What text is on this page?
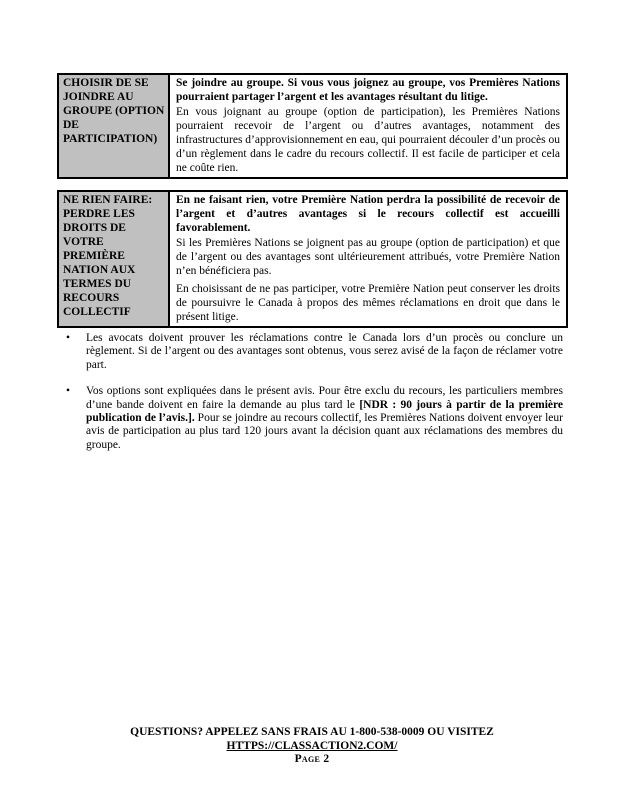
CHOISIR DE SE JOINDRE AU GROUPE (OPTION DE PARTICIPATION)

Se joindre au groupe. Si vous vous joignez au groupe, vos Premières Nations pourraient partager l’argent et les avantages résultant du litige.

En vous joignant au groupe (option de participation), les Premières Nations pourraient recevoir de l’argent ou d’autres avantages, notamment des infrastructures d’approvisionnement en eau, qui pourraient découler d’un procès ou d’un règlement dans le cadre du recours collectif. Il est facile de participer et cela ne coûte rien.

NE RIEN FAIRE: PERDRE LES DROITS DE VOTRE PREMIÈRE NATION AUX TERMES DU RECOURS COLLECTIF

En ne faisant rien, votre Première Nation perdra la possibilité de recevoir de l’argent et d’autres avantages si le recours collectif est accueilli favorablement.

Si les Premières Nations se joignent pas au groupe (option de participation) et que de l’argent ou des avantages sont ultérieurement attribués, votre Première Nation n’en bénéficiera pas.

En choisissant de ne pas participer, votre Première Nation peut conserver les droits de poursuivre le Canada à propos des mêmes réclamations en droit que dans le présent litige.

•	Les avocats doivent prouver les réclamations contre le Canada lors d’un procès ou conclure un règlement. Si de l’argent ou des avantages sont obtenus, vous serez avisé de la façon de réclamer votre part.
•	Vos options sont expliquées dans le présent avis. Pour être exclu du recours, les particuliers membres d’une bande doivent en faire la demande au plus tard le [NDR : 90 jours à partir de la première publication de l’avis.]. Pour se joindre au recours collectif, les Premières Nations doivent envoyer leur avis de participation au plus tard 120 jours avant la décision quant aux réclamations des membres du groupe.
QUESTIONS? APPELEZ SANS FRAIS AU 1-800-538-0009 OU VISITEZ
HTTPS://CLASSACTION2.COM/
Page 2
